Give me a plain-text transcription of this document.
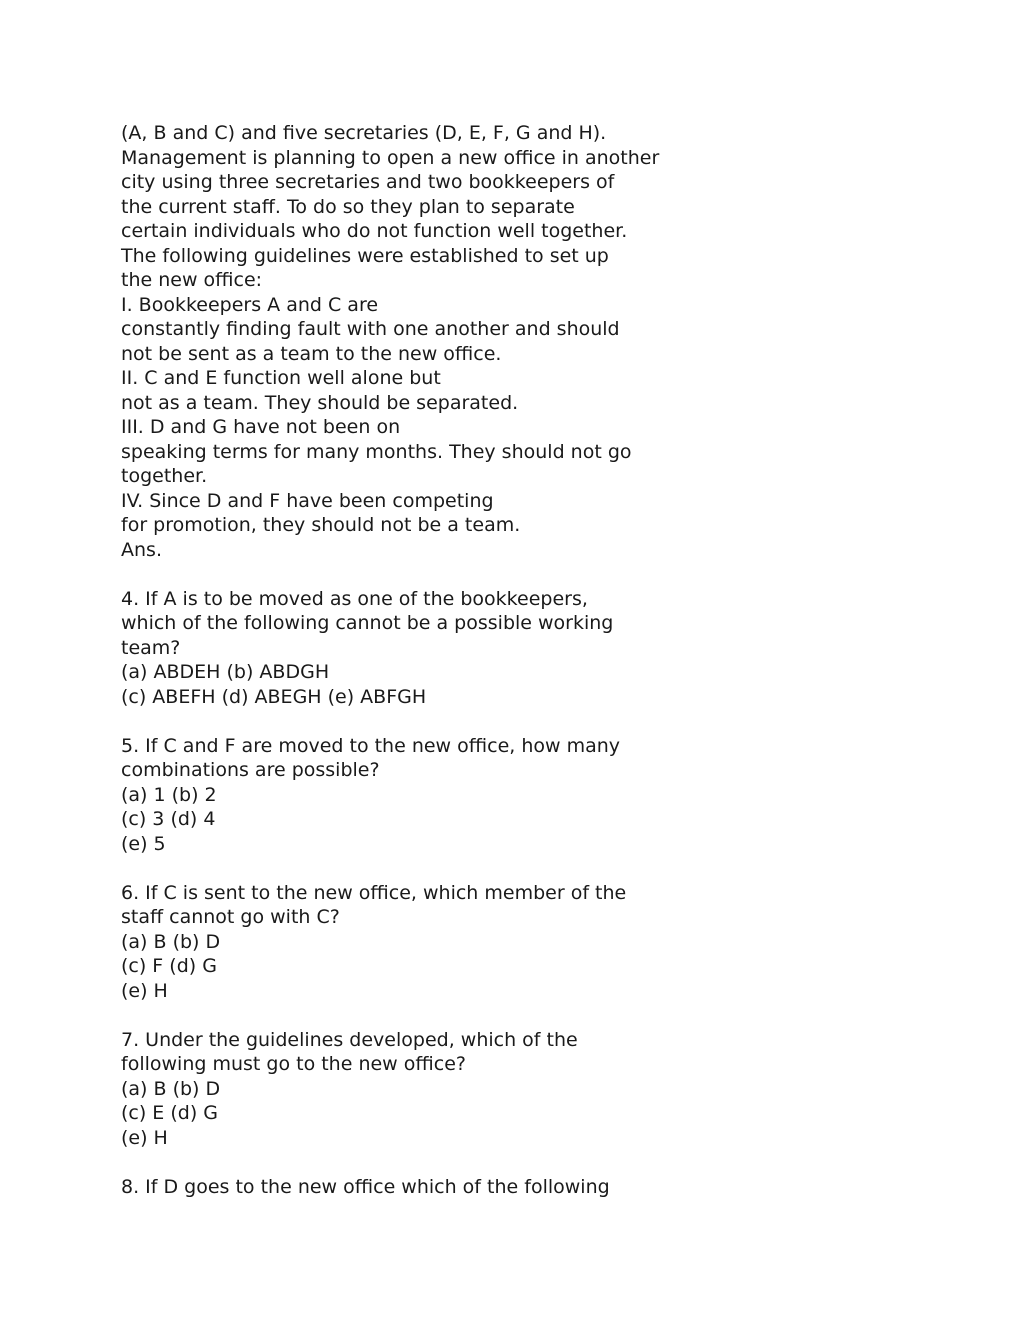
(A, B and C) and five secretaries (D, E, F, G and H).
Management is planning to open a new office in another
city using three secretaries and two bookkeepers of
the current staff. To do so they plan to separate
certain individuals who do not function well together.
The following guidelines were established to set up
the new office:
I. Bookkeepers A and C are
constantly finding fault with one another and should
not be sent as a team to the new office.
II. C and E function well alone but
not as a team. They should be separated.
III. D and G have not been on
speaking terms for many months. They should not go
together.
IV. Since D and F have been competing
for promotion, they should not be a team.
Ans.
4. If A is to be moved as one of the bookkeepers,
which of the following cannot be a possible working
team?
(a) ABDEH (b) ABDGH
(c) ABEFH (d) ABEGH (e) ABFGH
5. If C and F are moved to the new office, how many
combinations are possible?
(a) 1 (b) 2
(c) 3 (d) 4
(e) 5
6. If C is sent to the new office, which member of the
staff cannot go with C?
(a) B (b) D
(c) F (d) G
(e) H
7. Under the guidelines developed, which of the
following must go to the new office?
(a) B (b) D
(c) E (d) G
(e) H
8. If D goes to the new office which of the following
